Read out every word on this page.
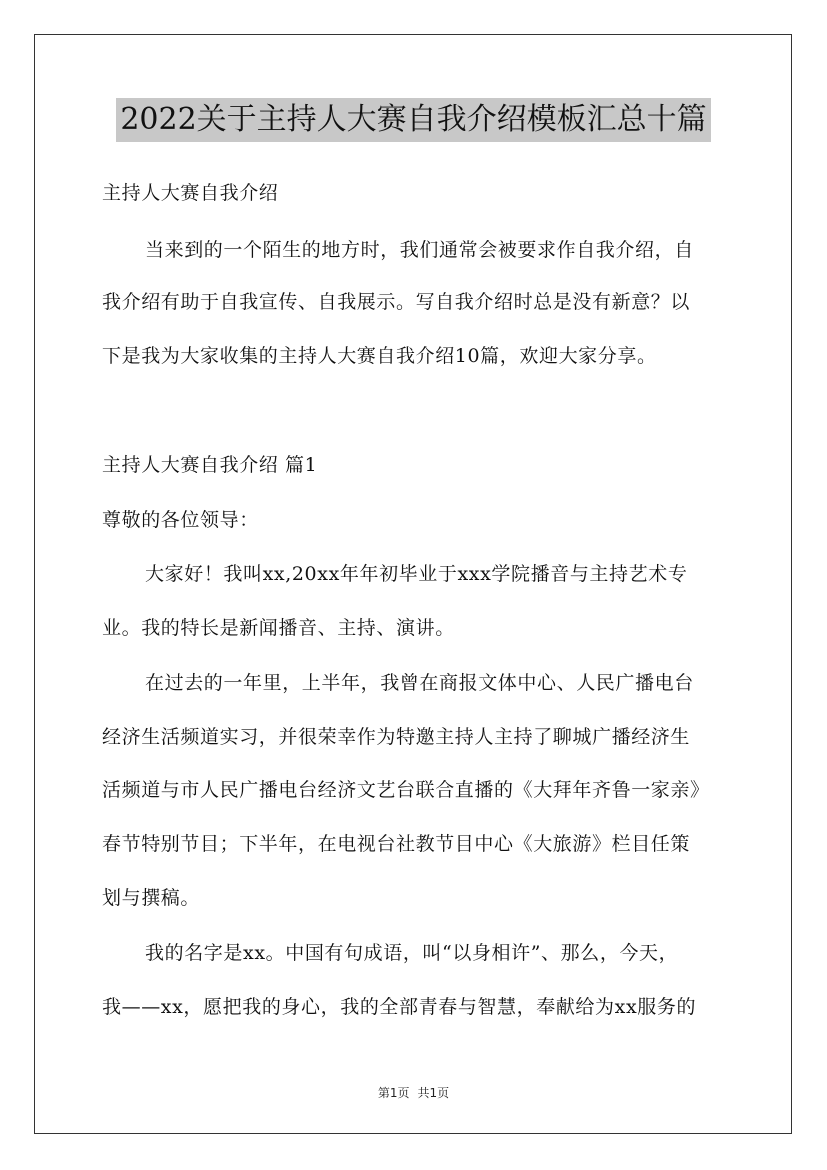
2022关于主持人大赛自我介绍模板汇总十篇
主持人大赛自我介绍
当来到的一个陌生的地方时，我们通常会被要求作自我介绍，自
我介绍有助于自我宣传、自我展示。写自我介绍时总是没有新意？以
下是我为大家收集的主持人大赛自我介绍10篇，欢迎大家分享。
主持人大赛自我介绍 篇1
尊敬的各位领导：
大家好！我叫xx,20xx年年初毕业于xxx学院播音与主持艺术专
业。我的特长是新闻播音、主持、演讲。
在过去的一年里，上半年，我曾在商报文体中心、人民广播电台
经济生活频道实习，并很荣幸作为特邀主持人主持了聊城广播经济生
活频道与市人民广播电台经济文艺台联合直播的《大拜年齐鲁一家亲》
春节特别节目；下半年，在电视台社教节目中心《大旅游》栏目任策
划与撰稿。
我的名字是xx。中国有句成语，叫“以身相许”、那么，今天，
我——xx，愿把我的身心，我的全部青春与智慧，奉献给为xx服务的
第1页 共1页
